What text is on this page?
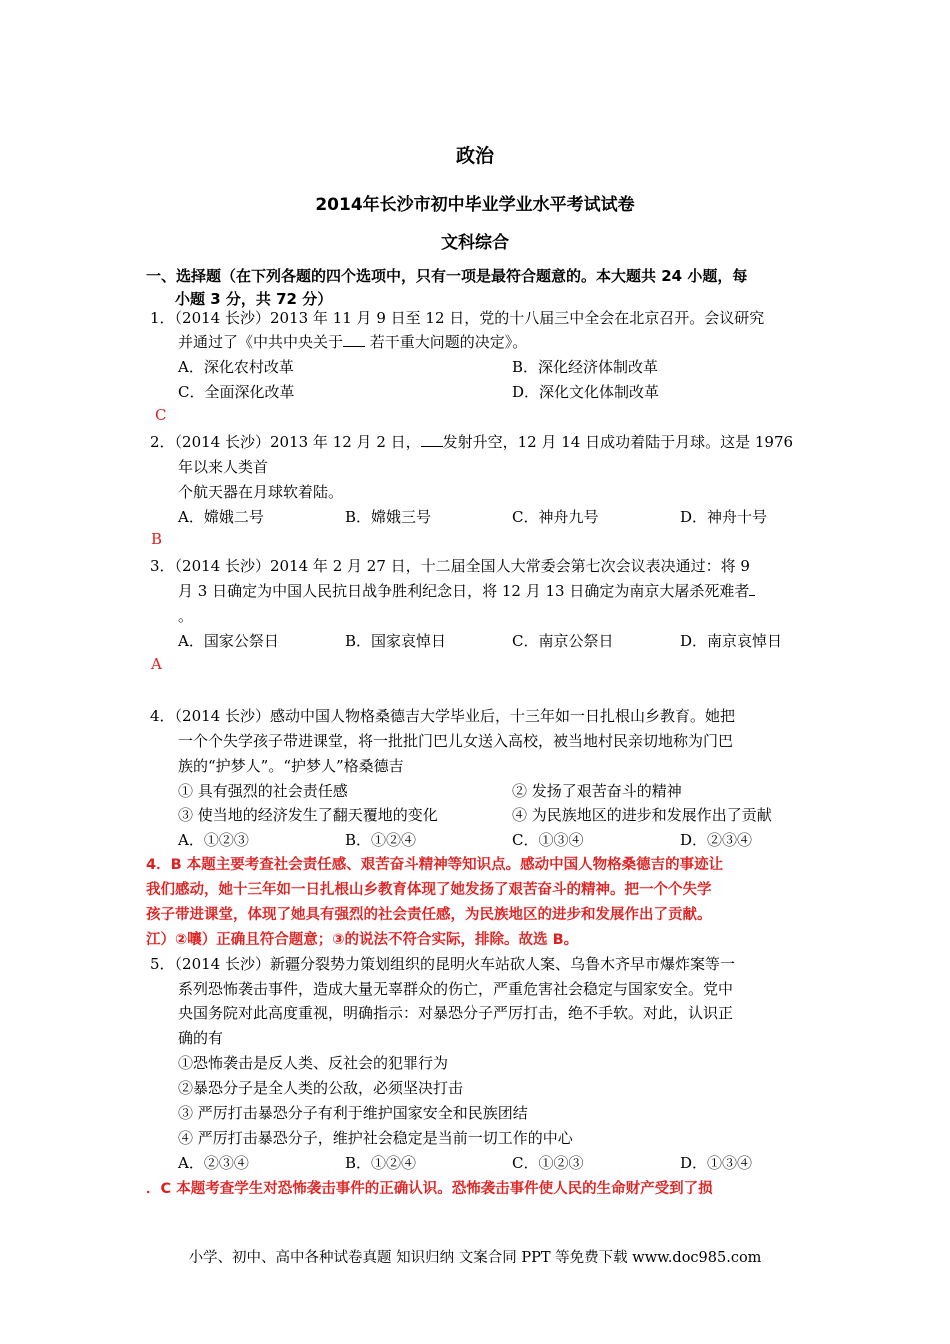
政治
2014年长沙市初中毕业学业水平考试试卷
文科综合
一、选择题（在下列各题的四个选项中，只有一项是最符合题意的。本大题共 24 小题，每
小题 3 分，共 72 分）
1．（2014 长沙）2013 年 11 月 9 日至 12 日，党的十八届三中全会在北京召开。会议研究
并通过了《中共中央关于 若干重大问题的决定》。
A．深化农村改革	B．深化经济体制改革
C．全面深化改革	D．深化文化体制改革
C
2．（2014 长沙）2013 年 12 月 2 日， 发射升空，12 月 14 日成功着陆于月球。这是 1976
年以来人类首
个航天器在月球软着陆。
A．嫦娥二号	B．嫦娥三号	C．神舟九号	D．神舟十号
B
3．（2014 长沙）2014 年 2 月 27 日，十二届全国人大常委会第七次会议表决通过：将 9
月 3 日确定为中国人民抗日战争胜利纪念日，将 12 月 13 日确定为南京大屠杀死难者
。
A．国家公祭日	B．国家哀悼日	C．南京公祭日	D．南京哀悼日
A
4．（2014 长沙）感动中国人物格桑德吉大学毕业后，十三年如一日扎根山乡教育。她把
一个个失学孩子带进课堂，将一批批门巴儿女送入高校，被当地村民亲切地称为门巴
族的“护梦人”。“护梦人”格桑德吉
① 具有强烈的社会责任感	② 发扬了艰苦奋斗的精神
③ 使当地的经济发生了翻天覆地的变化	④ 为民族地区的进步和发展作出了贡献
A．①②③	B．①②④	C．①③④	D．②③④
4．B 本题主要考查社会责任感、艰苦奋斗精神等知识点。感动中国人物格桑德吉的事迹让
我们感动，她十三年如一日扎根山乡教育体现了她发扬了艰苦奋斗的精神。把一个个失学
孩子带进课堂，体现了她具有强烈的社会责任感，为民族地区的进步和发展作出了贡献。
江）②嚷）正确且符合题意；③的说法不符合实际，排除。故选 B。
5．（2014 长沙）新疆分裂势力策划组织的昆明火车站砍人案、乌鲁木齐早市爆炸案等一
系列恐怖袭击事件，造成大量无辜群众的伤亡，严重危害社会稳定与国家安全。党中
央国务院对此高度重视，明确指示：对暴恐分子严厉打击，绝不手软。对此，认识正
确的有
①恐怖袭击是反人类、反社会的犯罪行为
②暴恐分子是全人类的公敌，必须坚决打击
③ 严厉打击暴恐分子有利于维护国家安全和民族团结
④ 严厉打击暴恐分子，维护社会稳定是当前一切工作的中心
A．②③④	B．①②④	C．①②③	D．①③④
．C 本题考查学生对恐怖袭击事件的正确认识。恐怖袭击事件使人民的生命财产受到了损
小学、初中、高中各种试卷真题 知识归纳 文案合同 PPT 等免费下载 www.doc985.com
